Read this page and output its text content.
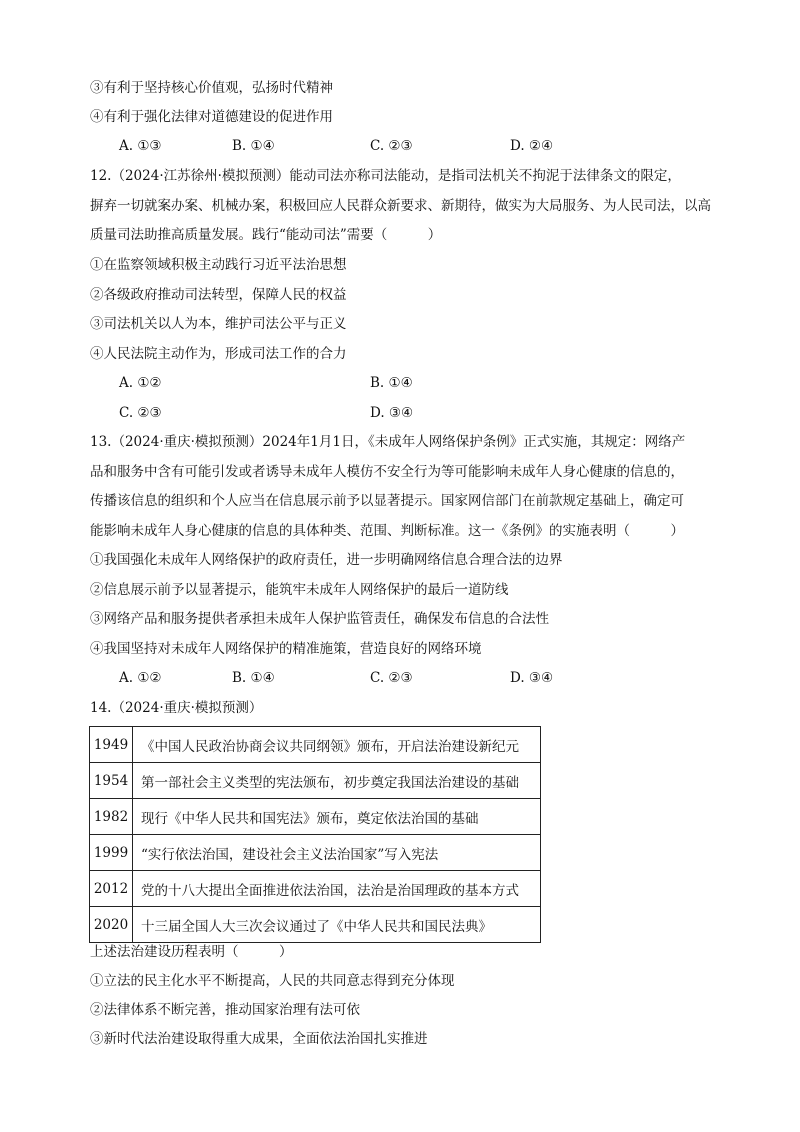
③有利于坚持核心价值观，弘扬时代精神
④有利于强化法律对道德建设的促进作用
A. ①③	B. ①④	C. ②③	D. ②④
12.（2024·江苏徐州·模拟预测）能动司法亦称司法能动，是指司法机关不拘泥于法律条文的限定，
摒弃一切就案办案、机械办案，积极回应人民群众新要求、新期待，做实为大局服务、为人民司法，以高
质量司法助推高质量发展。践行“能动司法”需要（　　　）
①在监察领域积极主动践行习近平法治思想
②各级政府推动司法转型，保障人民的权益
③司法机关以人为本，维护司法公平与正义
④人民法院主动作为，形成司法工作的合力
A. ①②	B. ①④
C. ②③	D. ③④
13.（2024·重庆·模拟预测）2024年1月1日，《未成年人网络保护条例》正式实施，其规定：网络产
品和服务中含有可能引发或者诱导未成年人模仿不安全行为等可能影响未成年人身心健康的信息的，
传播该信息的组织和个人应当在信息展示前予以显著提示。国家网信部门在前款规定基础上，确定可
能影响未成年人身心健康的信息的具体种类、范围、判断标准。这一《条例》的实施表明（　　　）
①我国强化未成年人网络保护的政府责任，进一步明确网络信息合理合法的边界
②信息展示前予以显著提示，能筑牢未成年人网络保护的最后一道防线
③网络产品和服务提供者承担未成年人保护监管责任，确保发布信息的合法性
④我国坚持对未成年人网络保护的精准施策，营造良好的网络环境
A. ①②	B. ①④	C. ②③	D. ③④
14.（2024·重庆·模拟预测）
1949	《中国人民政治协商会议共同纲领》颁布，开启法治建设新纪元
1954	第一部社会主义类型的宪法颁布，初步奠定我国法治建设的基础
1982	现行《中华人民共和国宪法》颁布，奠定依法治国的基础
1999	“实行依法治国，建设社会主义法治国家”写入宪法
2012	党的十八大提出全面推进依法治国，法治是治国理政的基本方式
2020	十三届全国人大三次会议通过了《中华人民共和国民法典》
上述法治建设历程表明（　　　）
①立法的民主化水平不断提高，人民的共同意志得到充分体现
②法律体系不断完善，推动国家治理有法可依
③新时代法治建设取得重大成果，全面依法治国扎实推进
